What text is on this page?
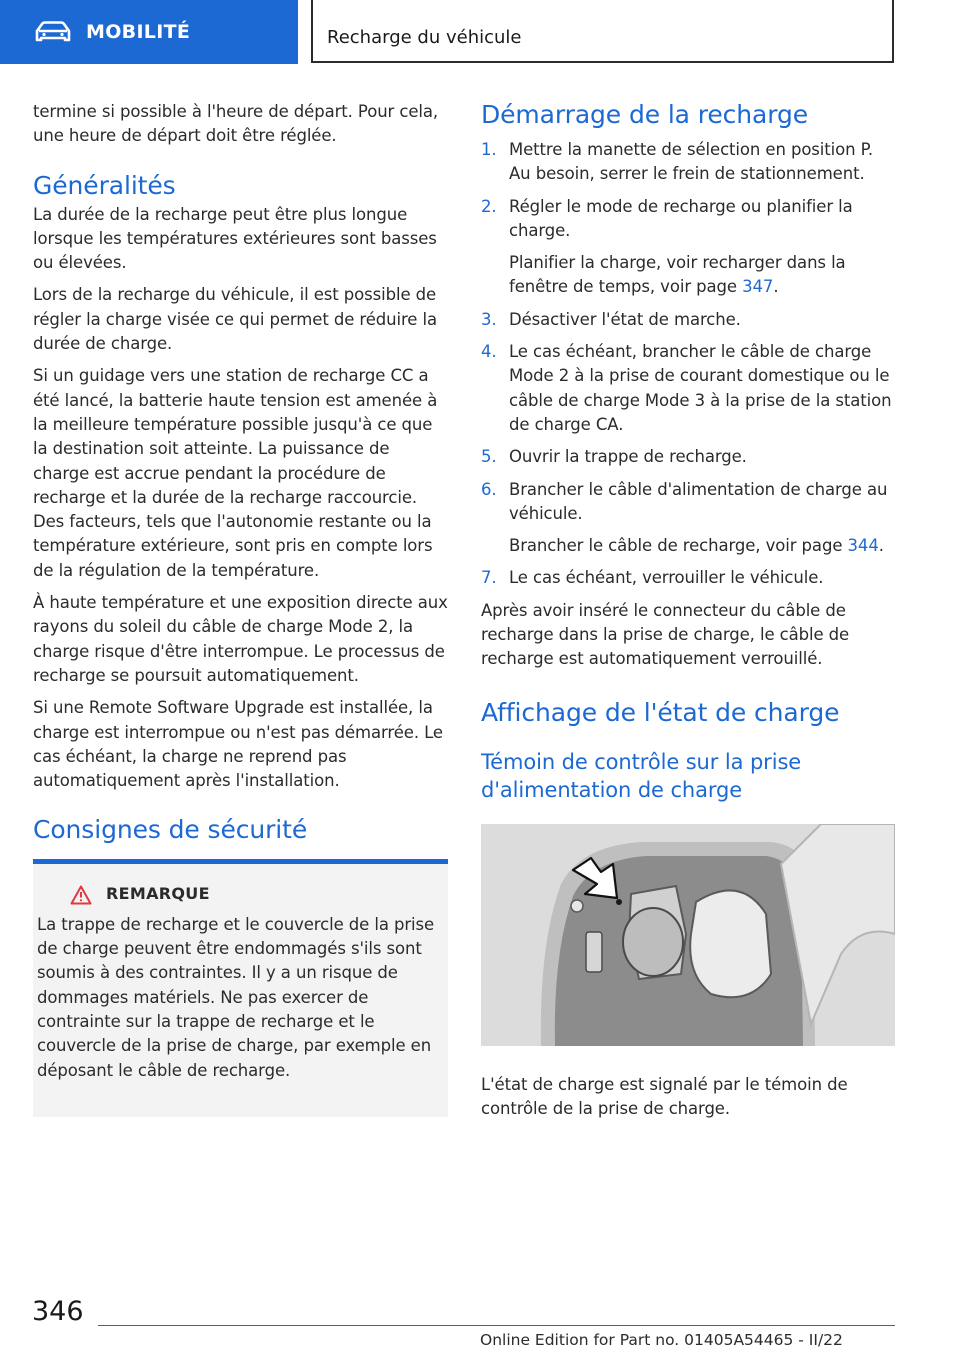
MOBILITÉ	Recharge du véhicule

termine si possible à l'heure de départ. Pour cela, une heure de départ doit être réglée.

Généralités

La durée de la recharge peut être plus longue lorsque les températures extérieures sont basses ou élevées.

Lors de la recharge du véhicule, il est possible de régler la charge visée ce qui permet de réduire la durée de charge.

Si un guidage vers une station de recharge CC a été lancé, la batterie haute tension est amenée à la meilleure température possible jusqu'à ce que la destination soit atteinte. La puissance de charge est accrue pendant la procédure de recharge et la durée de la recharge raccourcie. Des facteurs, tels que l'autonomie restante ou la température extérieure, sont pris en compte lors de la régulation de la température.

À haute température et une exposition directe aux rayons du soleil du câble de charge Mode 2, la charge risque d'être interrompue. Le processus de recharge se poursuit automatiquement.

Si une Remote Software Upgrade est installée, la charge est interrompue ou n'est pas démarrée. Le cas échéant, la charge ne reprend pas automatiquement après l'installation.

Consignes de sécurité
REMARQUE

La trappe de recharge et le couvercle de la prise de charge peuvent être endommagés s'ils sont soumis à des contraintes. Il y a un risque de dommages matériels. Ne pas exercer de contrainte sur la trappe de recharge et le couvercle de la prise de charge, par exemple en déposant le câble de recharge.

Démarrage de la recharge
1. Mettre la manette de sélection en position P. Au besoin, serrer le frein de stationnement.
2. Régler le mode de recharge ou planifier la charge.
Planifier la charge, voir recharger dans la fenêtre de temps, voir page 347.
3. Désactiver l'état de marche.
4. Le cas échéant, brancher le câble de charge Mode 2 à la prise de courant domestique ou le câble de charge Mode 3 à la prise de la station de charge CA.
5. Ouvrir la trappe de recharge.
6. Brancher le câble d'alimentation de charge au véhicule.
Brancher le câble de recharge, voir page 344.
7. Le cas échéant, verrouiller le véhicule.

Après avoir inséré le connecteur du câble de recharge dans la prise de charge, le câble de recharge est automatiquement verrouillé.

Affichage de l'état de charge
Témoin de contrôle sur la prise d'alimentation de charge

L'état de charge est signalé par le témoin de contrôle de la prise de charge.

346
Online Edition for Part no. 01405A54465 - II/22
